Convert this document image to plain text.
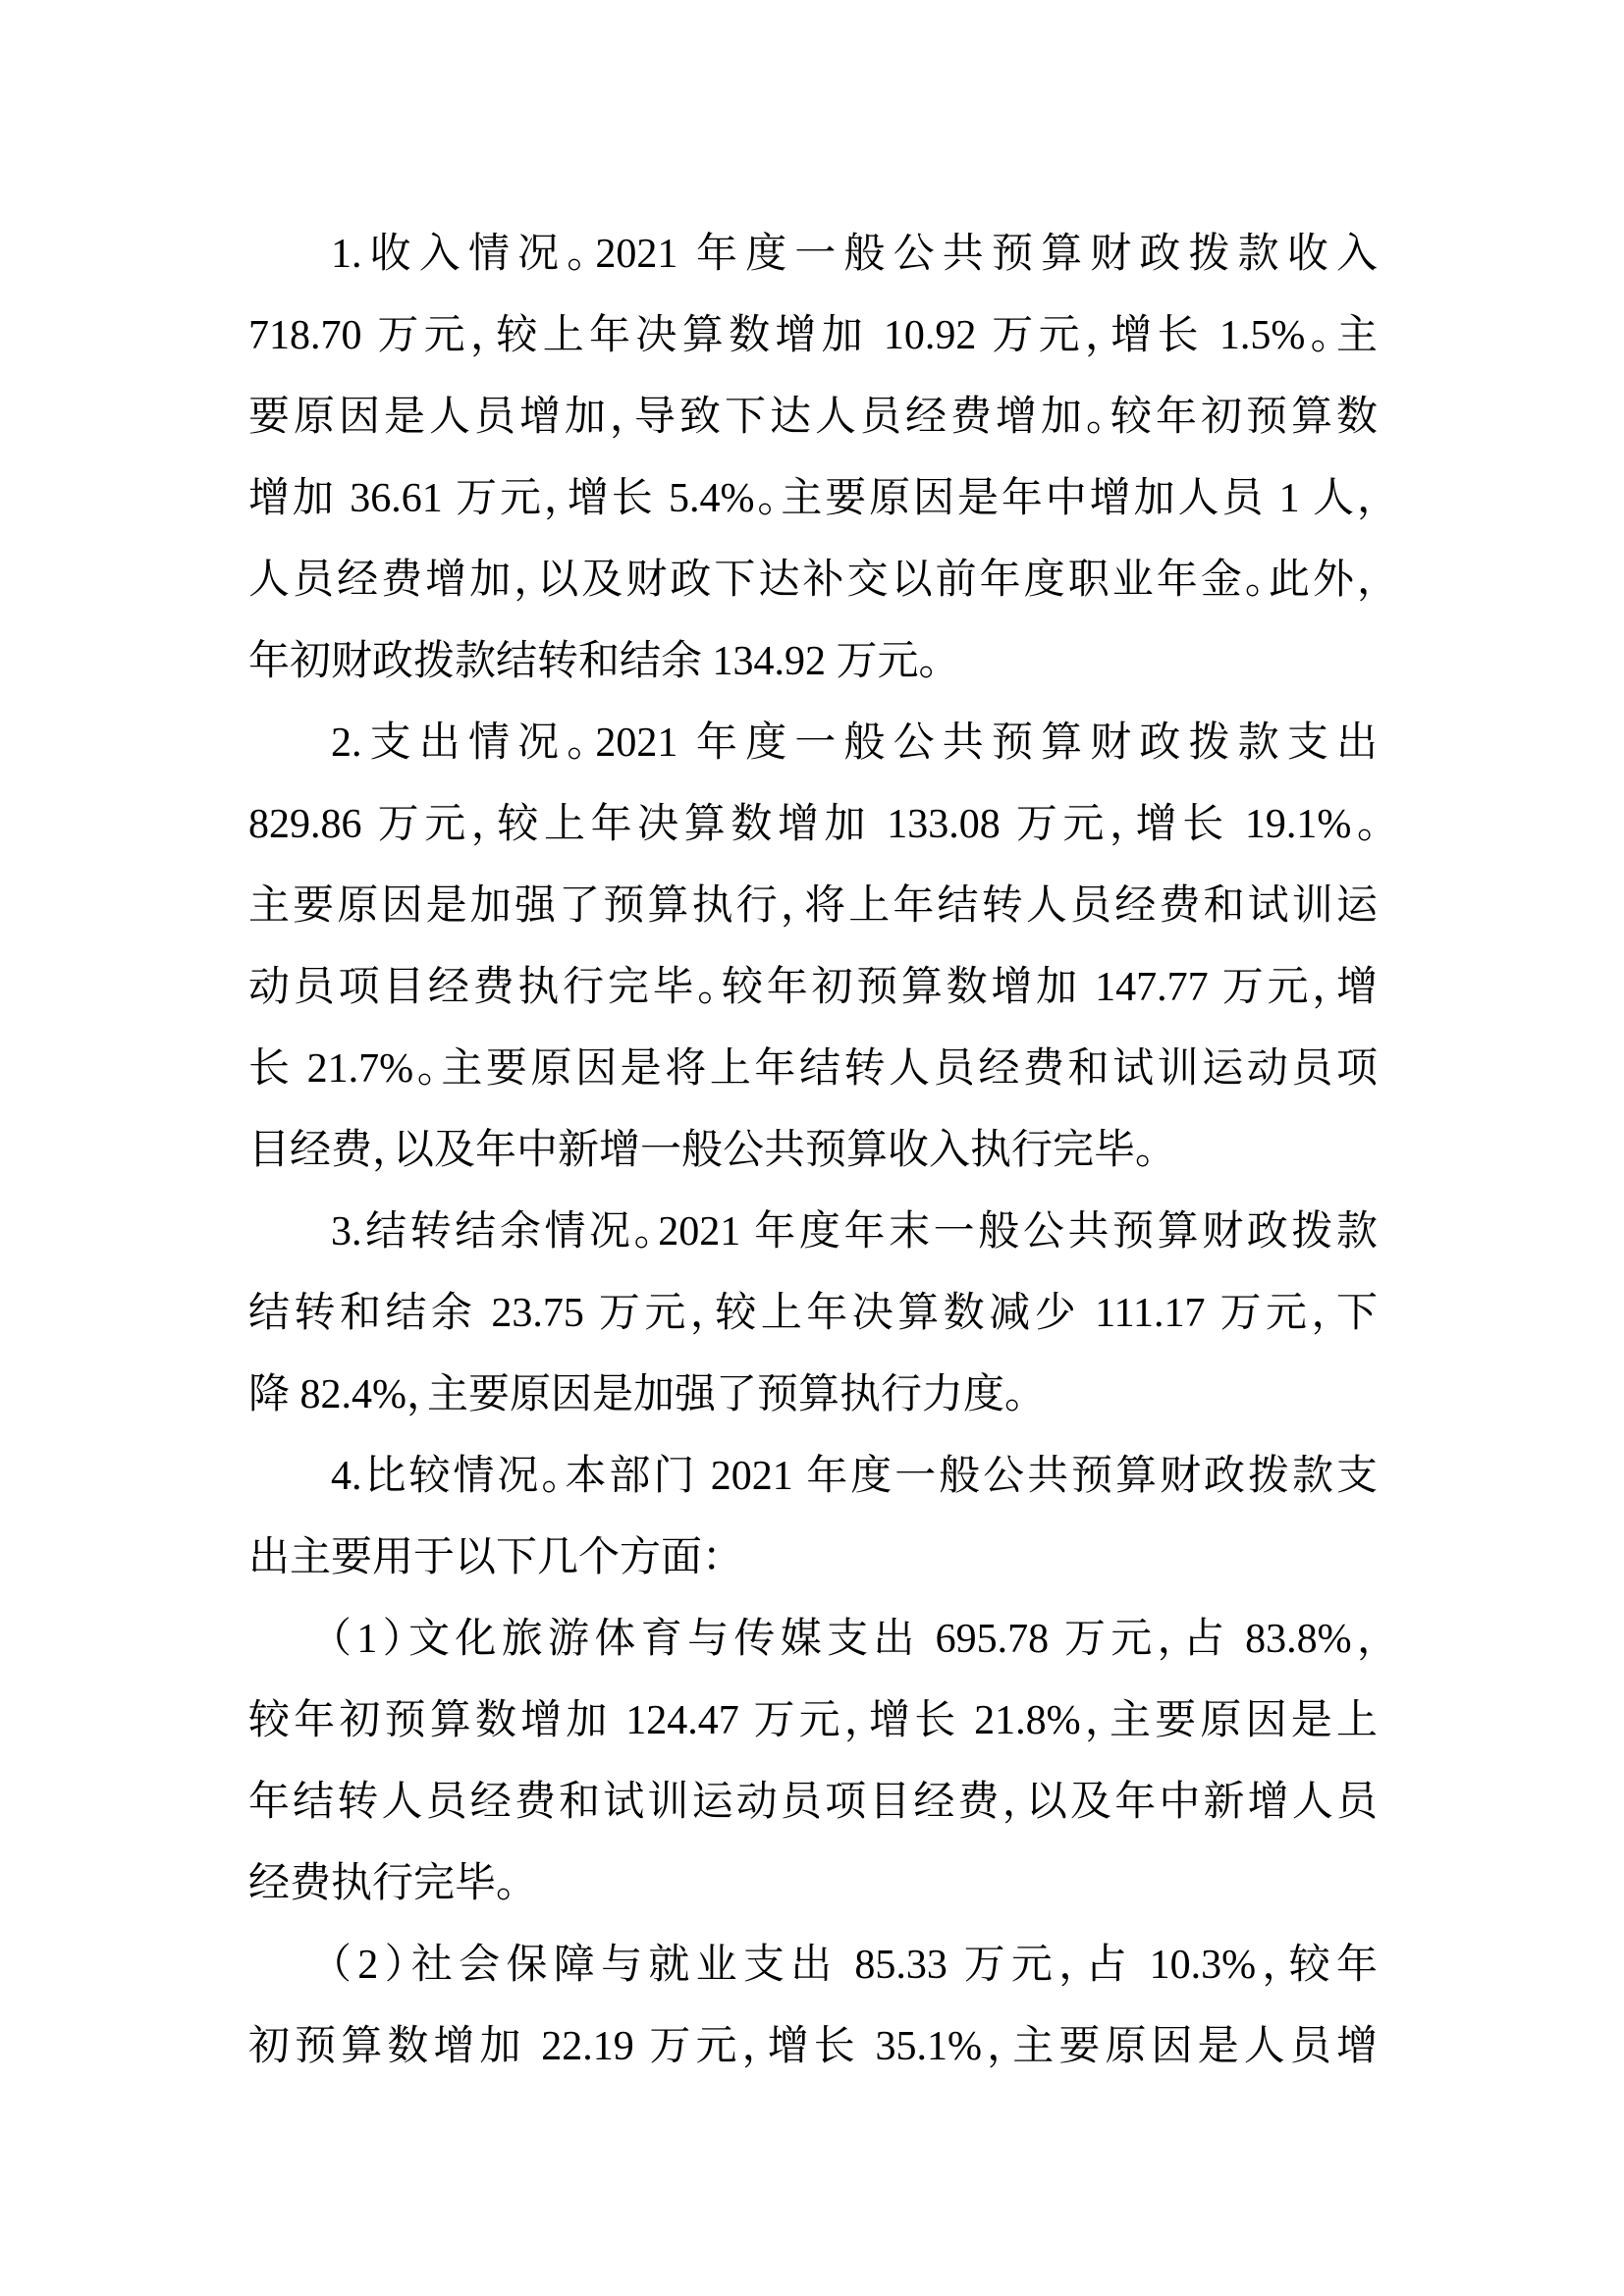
1.收入情况。2021 年度一般公共预算财政拨款收入
718.70 万元，较上年决算数增加 10.92 万元，增长 1.5%。主
要原因是人员增加，导致下达人员经费增加。较年初预算数
增加 36.61 万元，增长 5.4%。主要原因是年中增加人员 1 人，
人员经费增加，以及财政下达补交以前年度职业年金。此外，
年初财政拨款结转和结余 134.92 万元。
2.支出情况。2021 年度一般公共预算财政拨款支出
829.86 万元，较上年决算数增加 133.08 万元，增长 19.1%。
主要原因是加强了预算执行，将上年结转人员经费和试训运
动员项目经费执行完毕。较年初预算数增加 147.77 万元，增
长 21.7%。主要原因是将上年结转人员经费和试训运动员项
目经费，以及年中新增一般公共预算收入执行完毕。
3.结转结余情况。2021 年度年末一般公共预算财政拨款
结转和结余 23.75 万元，较上年决算数减少 111.17 万元，下
降 82.4%，主要原因是加强了预算执行力度。
4.比较情况。本部门 2021 年度一般公共预算财政拨款支
出主要用于以下几个方面：
（1）文化旅游体育与传媒支出 695.78 万元，占 83.8%，
较年初预算数增加 124.47 万元，增长 21.8%，主要原因是上
年结转人员经费和试训运动员项目经费，以及年中新增人员
经费执行完毕。
（2）社会保障与就业支出 85.33 万元，占 10.3%，较年
初预算数增加 22.19 万元，增长 35.1%，主要原因是人员增
